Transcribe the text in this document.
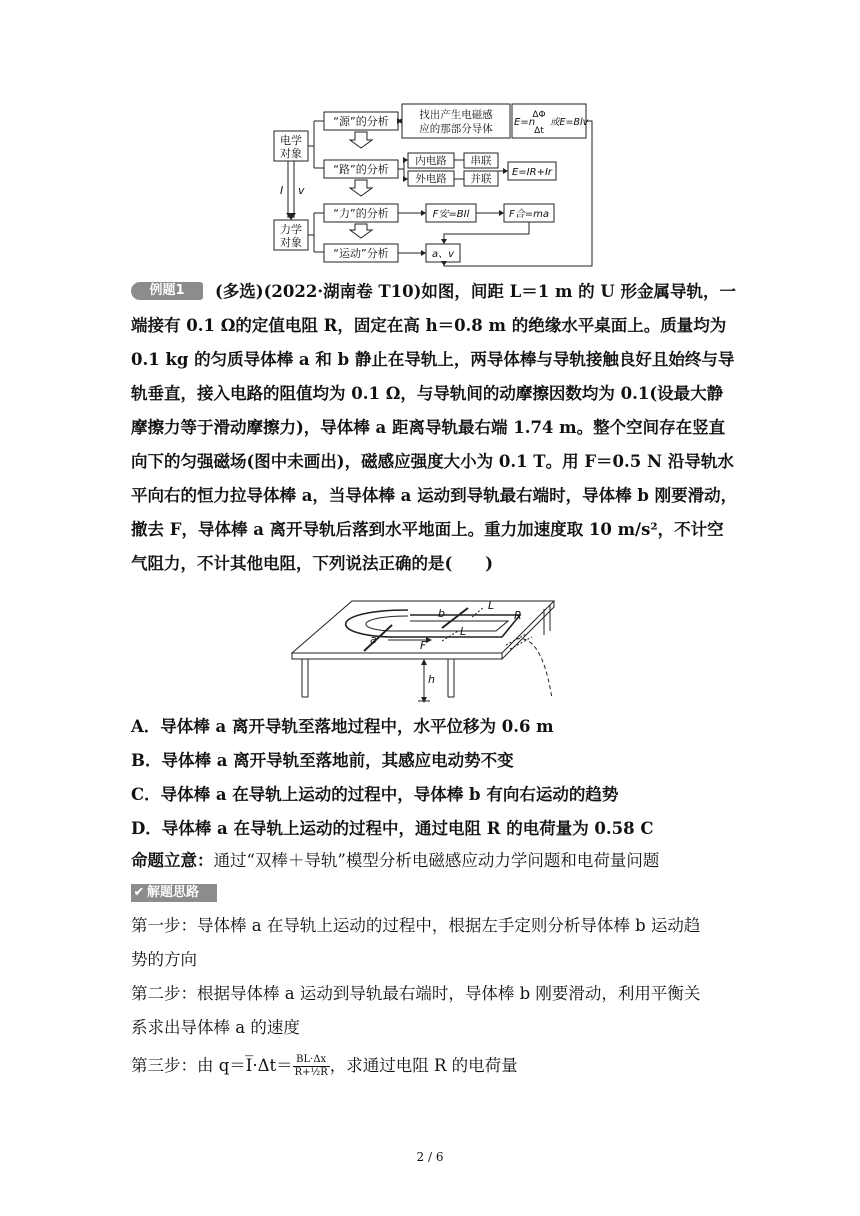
电学
对象
力学
对象
I v
“源”的分析
“路”的分析
“力”的分析
“运动”分析
找出产生电磁感
应的那部分导体
E=n
ΔΦ
Δt
或E=Blv
内电路
外电路
串联
并联
E=IR+Ir
F安=BIl	F合=ma
a、v
例题1	(多选)(2022·湖南卷 T10)如图，间距 L＝1 m 的 U 形金属导轨，一
端接有 0.1 Ω的定值电阻 R，固定在高 h＝0.8 m 的绝缘水平桌面上。质量均为
0.1 kg 的匀质导体棒 a 和 b 静止在导轨上，两导体棒与导轨接触良好且始终与导
轨垂直，接入电路的阻值均为 0.1 Ω，与导轨间的动摩擦因数均为 0.1(设最大静
摩擦力等于滑动摩擦力)，导体棒 a 距离导轨最右端 1.74 m。整个空间存在竖直
向下的匀强磁场(图中未画出)，磁感应强度大小为 0.1 T。用 F＝0.5 N 沿导轨水
平向右的恒力拉导体棒 a，当导体棒 a 运动到导轨最右端时，导体棒 b 刚要滑动，
撤去 F，导体棒 a 离开导轨后落到水平地面上。重力加速度取 10 m/s²，不计空
气阻力，不计其他电阻，下列说法正确的是(　　)
b
a
L
L
R
F
h
A．导体棒 a 离开导轨至落地过程中，水平位移为 0.6 m
B．导体棒 a 离开导轨至落地前，其感应电动势不变
C．导体棒 a 在导轨上运动的过程中，导体棒 b 有向右运动的趋势
D．导体棒 a 在导轨上运动的过程中，通过电阻 R 的电荷量为 0.58 C
命题立意：通过“双棒＋导轨”模型分析电磁感应动力学问题和电荷量问题
✔ 解题思路
第一步：导体棒 a 在导轨上运动的过程中，根据左手定则分析导体棒 b 运动趋
势的方向
第二步：根据导体棒 a 运动到导轨最右端时，导体棒 b 刚要滑动，利用平衡关
系求出导体棒 a 的速度
第三步：由 q＝I̅·Δt＝ $\frac{BL\cdot\Delta x}{\text{R+½R}}$ ，求通过电阻 R 的电荷量
2 / 6
